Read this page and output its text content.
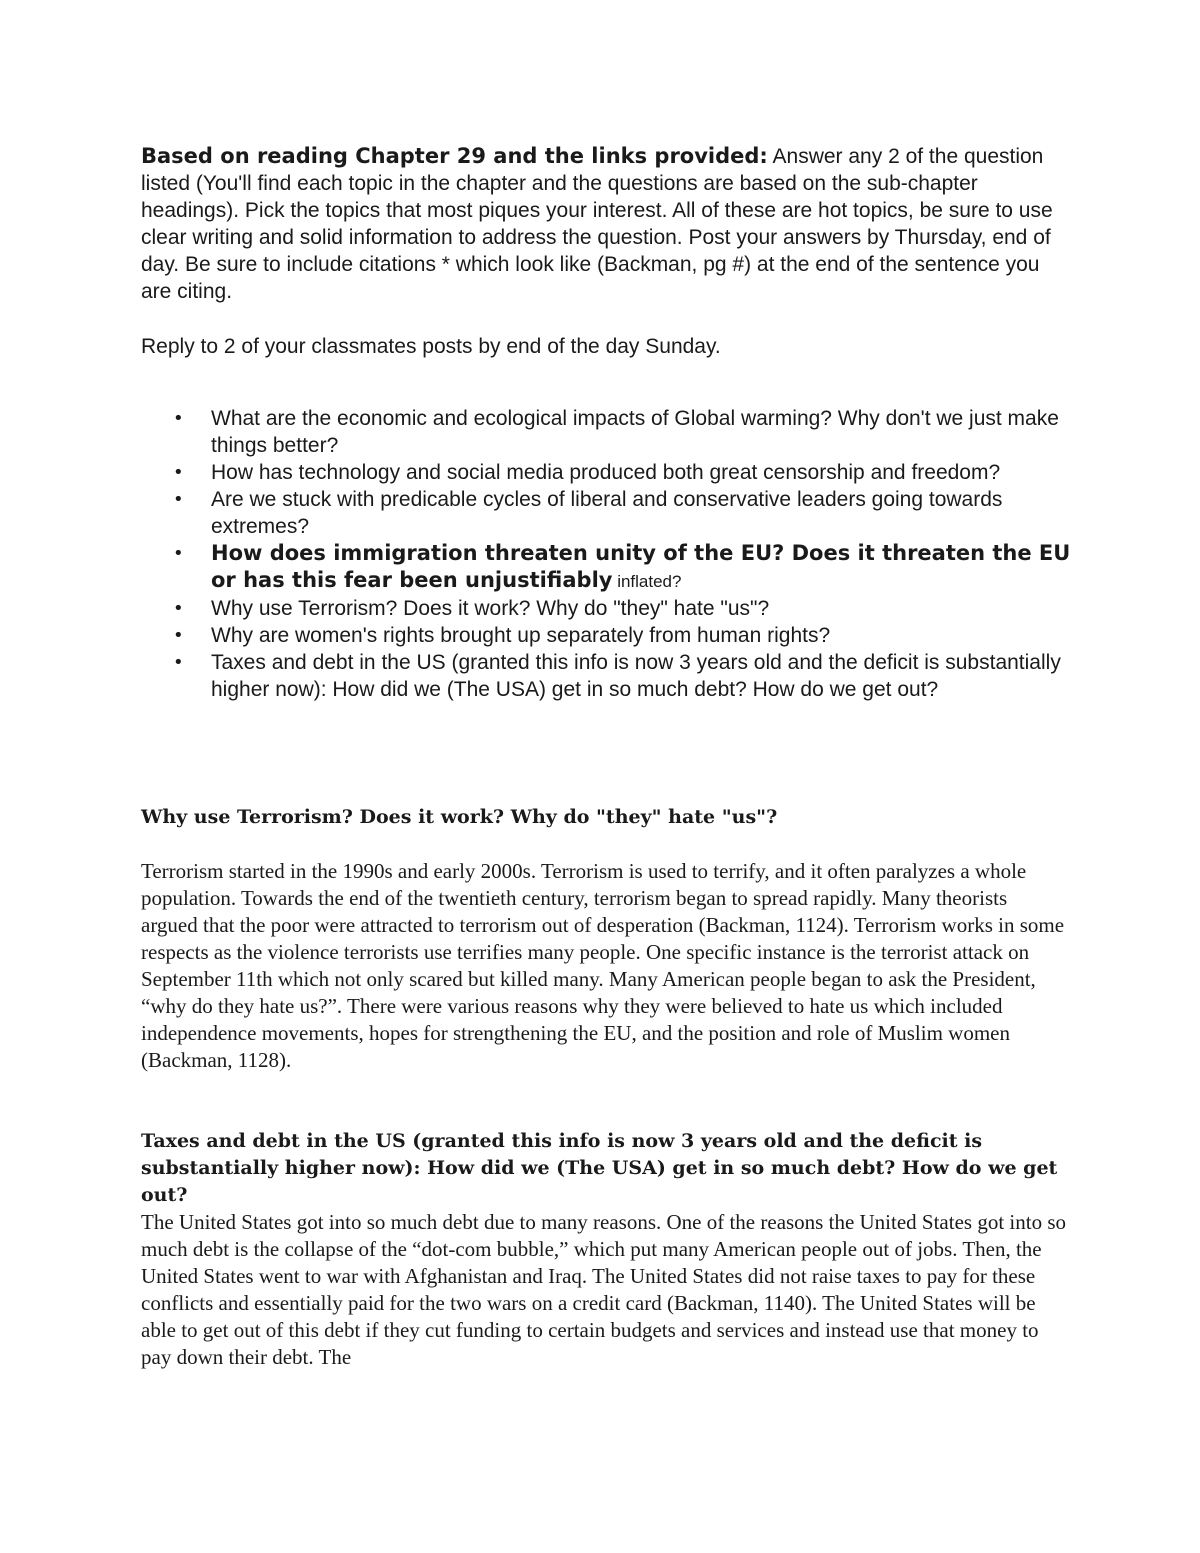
Based on reading Chapter 29 and the links provided: Answer any 2 of the question listed (You'll find each topic in the chapter and the questions are based on the sub-chapter headings). Pick the topics that most piques your interest. All of these are hot topics, be sure to use clear writing and solid information to address the question. Post your answers by Thursday, end of day. Be sure to include citations * which look like (Backman, pg #) at the end of the sentence you are citing.

Reply to 2 of your classmates posts by end of the day Sunday.

• What are the economic and ecological impacts of Global warming? Why don't we just make things better?
• How has technology and social media produced both great censorship and freedom?
• Are we stuck with predicable cycles of liberal and conservative leaders going towards extremes?
• How does immigration threaten unity of the EU? Does it threaten the EU or has this fear been unjustifiably inflated?
• Why use Terrorism? Does it work? Why do "they" hate "us"?
• Why are women's rights brought up separately from human rights?
• Taxes and debt in the US (granted this info is now 3 years old and the deficit is substantially higher now): How did we (The USA) get in so much debt? How do we get out?
Why use Terrorism? Does it work? Why do "they" hate "us"?

Terrorism started in the 1990s and early 2000s. Terrorism is used to terrify, and it often paralyzes a whole population. Towards the end of the twentieth century, terrorism began to spread rapidly. Many theorists argued that the poor were attracted to terrorism out of desperation (Backman, 1124). Terrorism works in some respects as the violence terrorists use terrifies many people. One specific instance is the terrorist attack on September 11th which not only scared but killed many. Many American people began to ask the President, “why do they hate us?”. There were various reasons why they were believed to hate us which included independence movements, hopes for strengthening the EU, and the position and role of Muslim women (Backman, 1128).

Taxes and debt in the US (granted this info is now 3 years old and the deficit is substantially higher now): How did we (The USA) get in so much debt? How do we get out?

The United States got into so much debt due to many reasons. One of the reasons the United States got into so much debt is the collapse of the “dot-com bubble,” which put many American people out of jobs. Then, the United States went to war with Afghanistan and Iraq. The United States did not raise taxes to pay for these conflicts and essentially paid for the two wars on a credit card (Backman, 1140). The United States will be able to get out of this debt if they cut funding to certain budgets and services and instead use that money to pay down their debt. The
